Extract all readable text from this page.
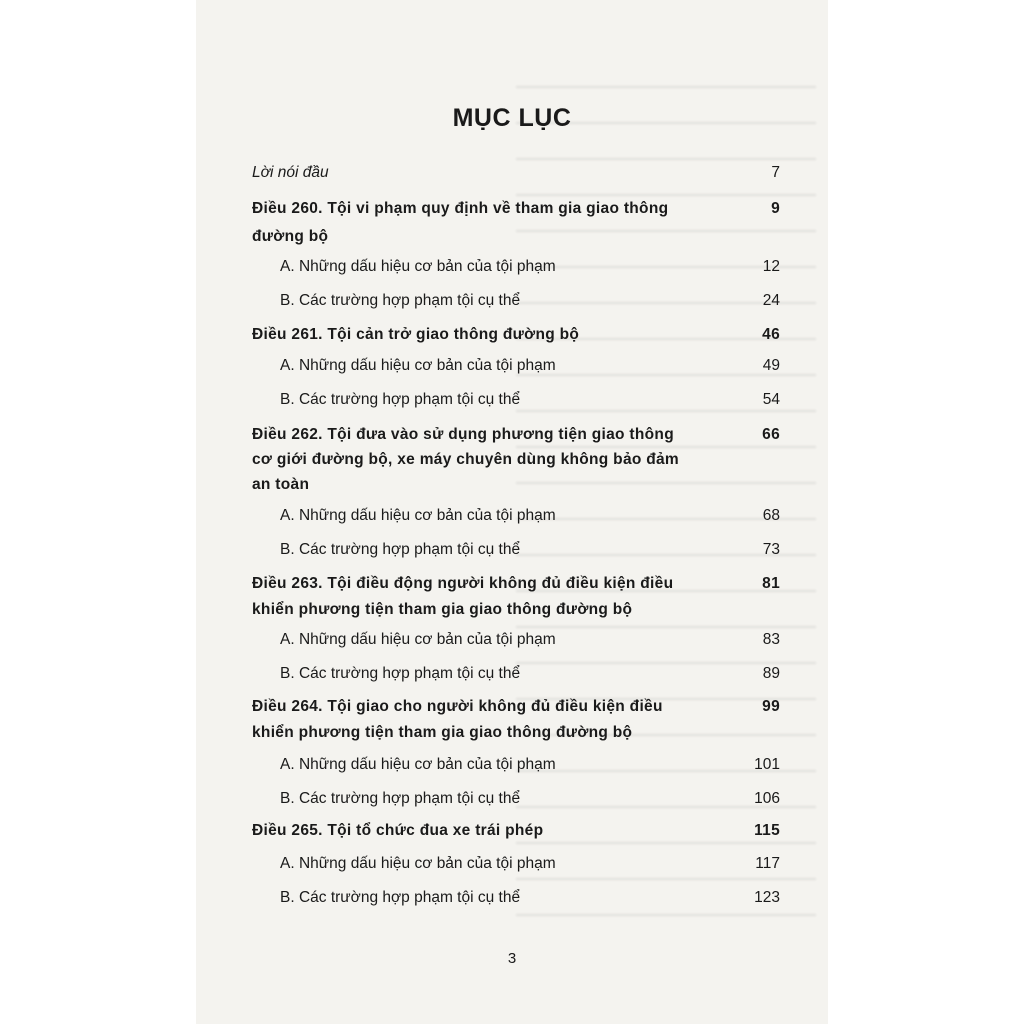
MỤC LỤC
Lời nói đầu	7
Điều 260. Tội vi phạm quy định về tham gia giao thông	9
đường bộ
A. Những dấu hiệu cơ bản của tội phạm	12
B. Các trường hợp phạm tội cụ thể	24
Điều 261. Tội cản trở giao thông đường bộ	46
A. Những dấu hiệu cơ bản của tội phạm	49
B. Các trường hợp phạm tội cụ thể	54
Điều 262. Tội đưa vào sử dụng phương tiện giao thông	66
cơ giới đường bộ, xe máy chuyên dùng không bảo đảm
an toàn
A. Những dấu hiệu cơ bản của tội phạm	68
B. Các trường hợp phạm tội cụ thể	73
Điều 263. Tội điều động người không đủ điều kiện điều	81
khiển phương tiện tham gia giao thông đường bộ
A. Những dấu hiệu cơ bản của tội phạm	83
B. Các trường hợp phạm tội cụ thể	89
Điều 264. Tội giao cho người không đủ điều kiện điều	99
khiển phương tiện tham gia giao thông đường bộ
A. Những dấu hiệu cơ bản của tội phạm	101
B. Các trường hợp phạm tội cụ thể	106
Điều 265. Tội tổ chức đua xe trái phép	115
A. Những dấu hiệu cơ bản của tội phạm	117
B. Các trường hợp phạm tội cụ thể	123
3
